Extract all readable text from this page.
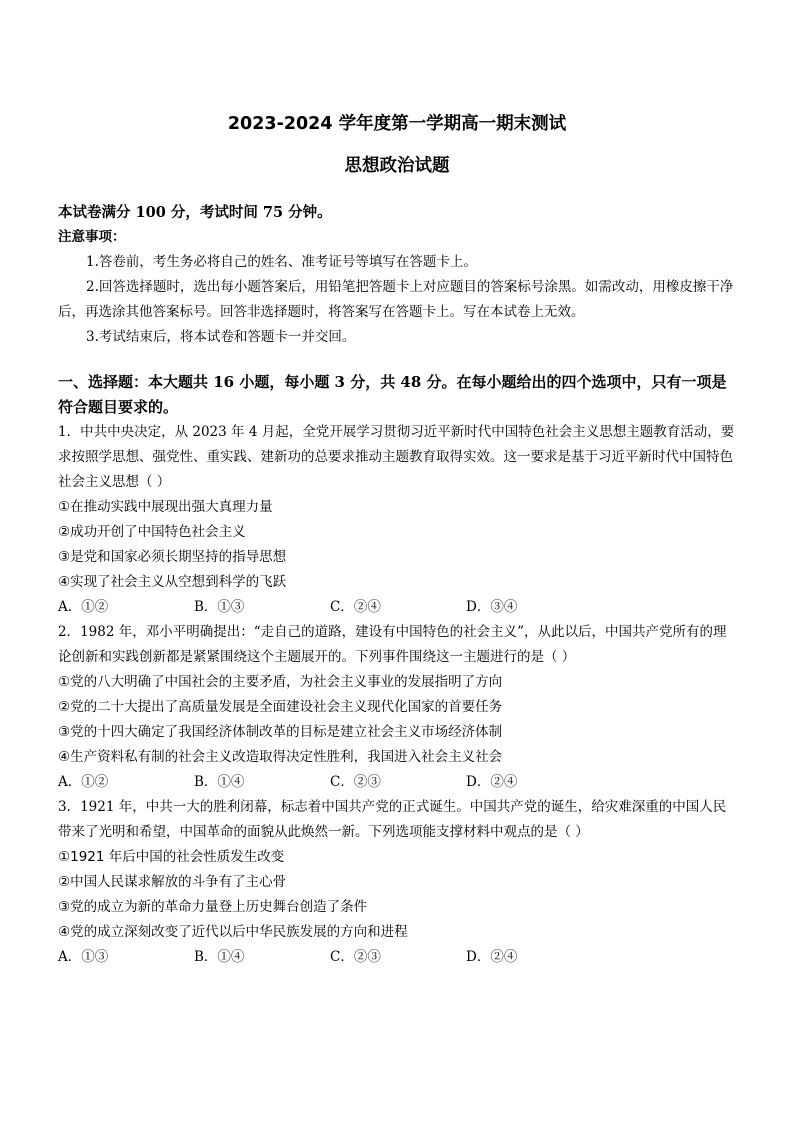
2023-2024 学年度第一学期高一期末测试
思想政治试题

本试卷满分 100 分，考试时间 75 分钟。

注意事项：

1.答卷前，考生务必将自己的姓名、准考证号等填写在答题卡上。

2.回答选择题时，选出每小题答案后，用铅笔把答题卡上对应题目的答案标号涂黑。如需改动，用橡皮擦干净后，再选涂其他答案标号。回答非选择题时，将答案写在答题卡上。写在本试卷上无效。

3.考试结束后，将本试卷和答题卡一并交回。

一、选择题：本大题共 16 小题，每小题 3 分，共 48 分。在每小题给出的四个选项中，只有一项是符合题目要求的。

1．中共中央决定，从 2023 年 4 月起，全党开展学习贯彻习近平新时代中国特色社会主义思想主题教育活动，要求按照学思想、强党性、重实践、建新功的总要求推动主题教育取得实效。这一要求是基于习近平新时代中国特色社会主义思想（ ）

①在推动实践中展现出强大真理力量

②成功开创了中国特色社会主义

③是党和国家必须长期坚持的指导思想

④实现了社会主义从空想到科学的飞跃

A．①②	B．①③	C．②④	D．③④

2．1982 年，邓小平明确提出：“走自己的道路，建设有中国特色的社会主义”，从此以后，中国共产党所有的理论创新和实践创新都是紧紧围绕这个主题展开的。下列事件围绕这一主题进行的是（ ）

①党的八大明确了中国社会的主要矛盾，为社会主义事业的发展指明了方向

②党的二十大提出了高质量发展是全面建设社会主义现代化国家的首要任务

③党的十四大确定了我国经济体制改革的目标是建立社会主义市场经济体制

④生产资料私有制的社会主义改造取得决定性胜利，我国进入社会主义社会

A．①②	B．①④	C．②③	D．②④

3．1921 年，中共一大的胜利闭幕，标志着中国共产党的正式诞生。中国共产党的诞生，给灾难深重的中国人民带来了光明和希望，中国革命的面貌从此焕然一新。下列选项能支撑材料中观点的是（ ）

①1921 年后中国的社会性质发生改变

②中国人民谋求解放的斗争有了主心骨

③党的成立为新的革命力量登上历史舞台创造了条件

④党的成立深刻改变了近代以后中华民族发展的方向和进程

A．①③	B．①④	C．②③	D．②④
